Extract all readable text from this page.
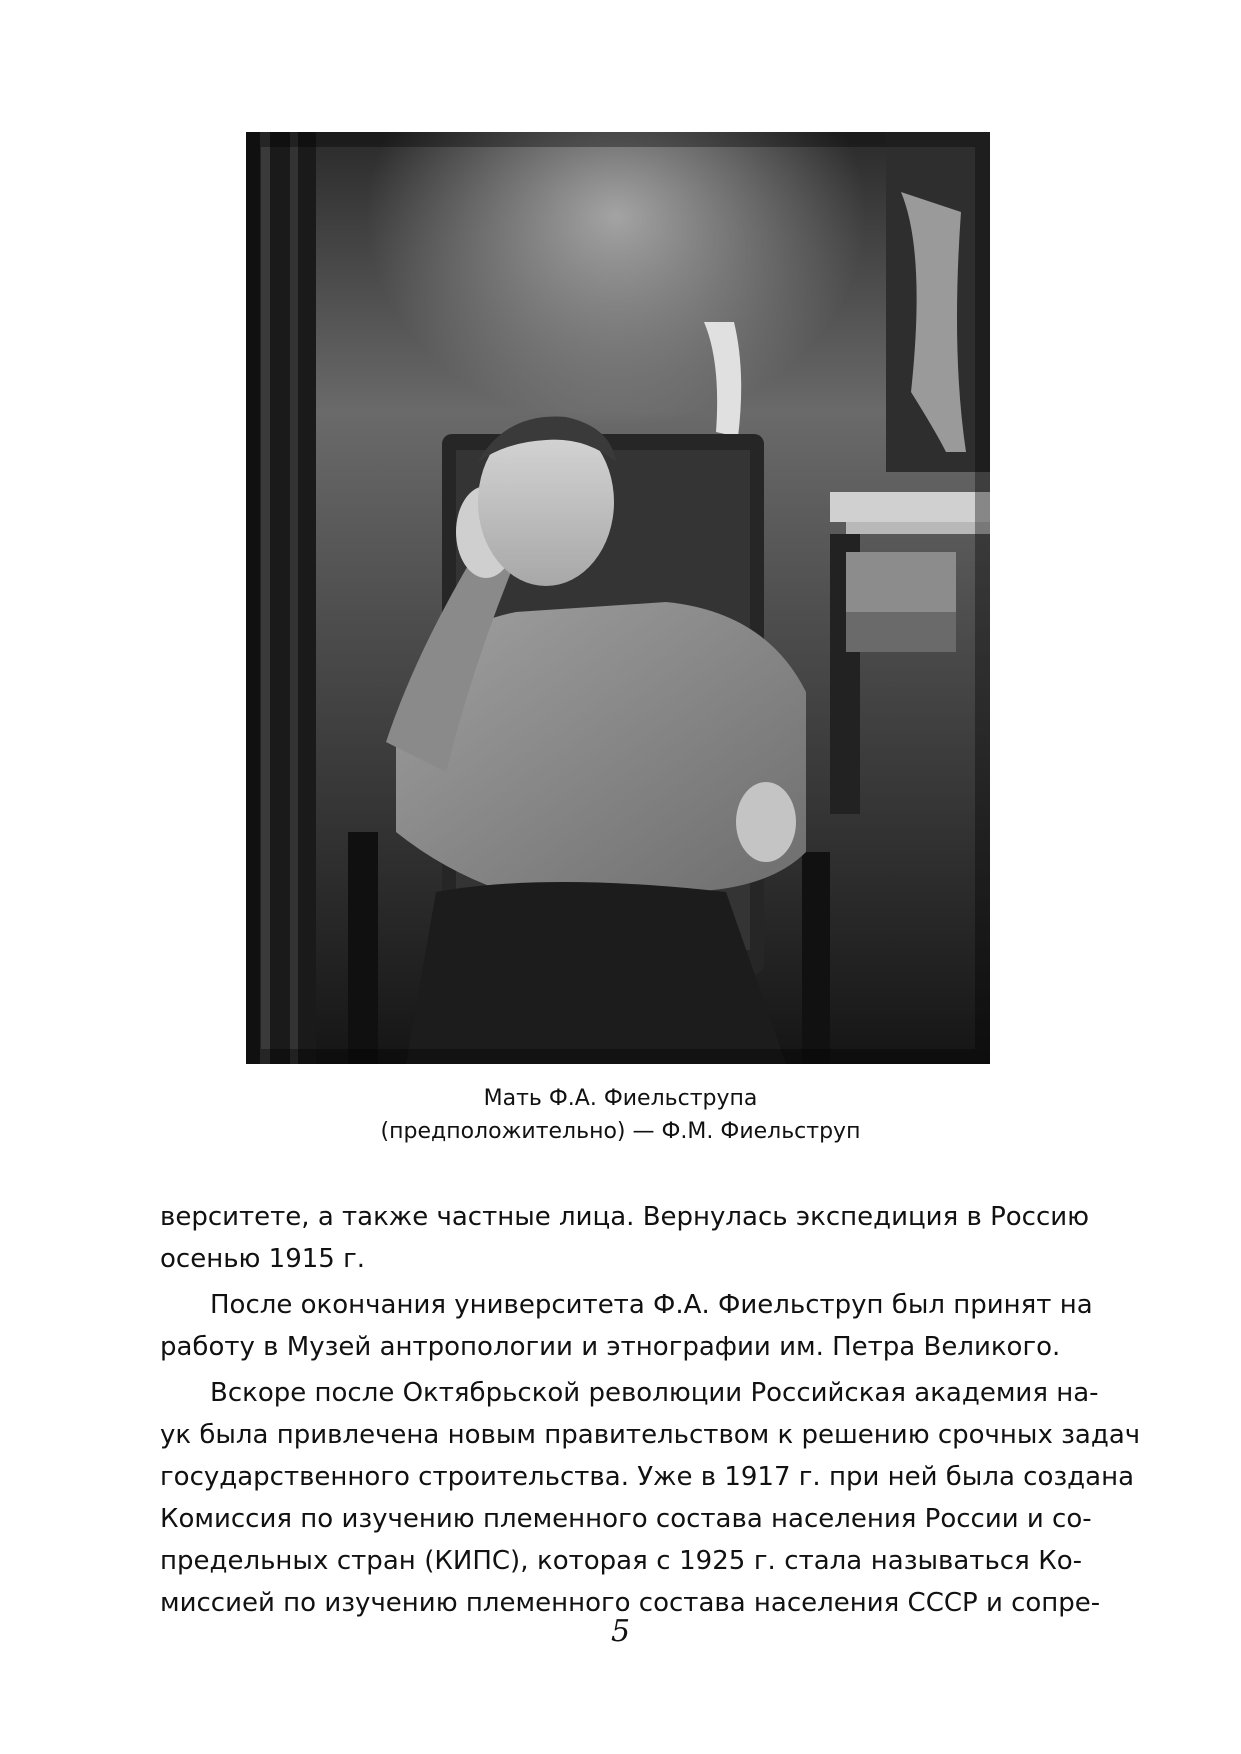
Мать Ф.А. Фиельструпа
(предположительно) — Ф.М. Фиельструп

верситете, а также частные лица. Вернулась экспедиция в Россию
осенью 1915 г.

После окончания университета Ф.А. Фиельструп был принят на
работу в Музей антропологии и этнографии им. Петра Великого.

Вскоре после Октябрьской революции Российская академия на-
ук была привлечена новым правительством к решению срочных задач
государственного строительства. Уже в 1917 г. при ней была создана
Комиссия по изучению племенного состава населения России и со-
предельных стран (КИПС), которая с 1925 г. стала называться Ко-
миссией по изучению племенного состава населения СССР и сопре-

5
